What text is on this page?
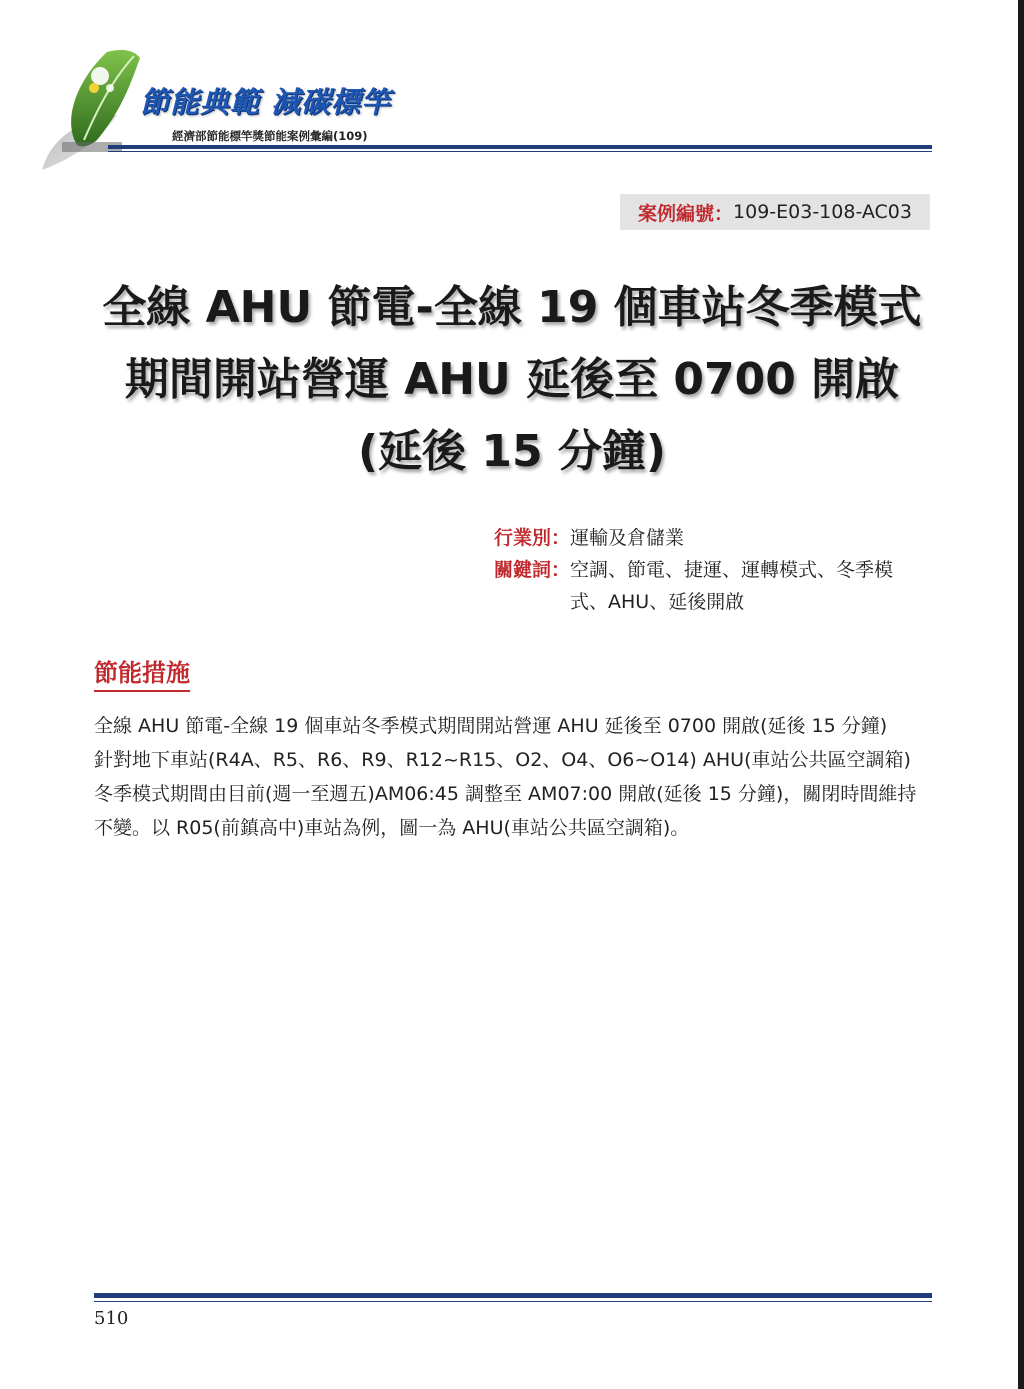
節能典範 減碳標竿
經濟部節能標竿獎節能案例彙編(109)
案例編號： 109-E03-108-AC03
全線 AHU 節電-全線 19 個車站冬季模式
期間開站營運 AHU 延後至 0700 開啟
(延後 15 分鐘)
行業別： 運輸及倉儲業
關鍵詞： 空調、節電、捷運、運轉模式、冬季模式、AHU、延後開啟
節能措施

全線 AHU 節電-全線 19 個車站冬季模式期間開站營運 AHU 延後至 0700 開啟(延後 15 分鐘)

針對地下車站(R4A、R5、R6、R9、R12~R15、O2、O4、O6~O14) AHU(車站公共區空調箱) 冬季模式期間由目前(週一至週五)AM06:45 調整至 AM07:00 開啟(延後 15 分鐘)，關閉時間維持不變。以 R05(前鎮高中)車站為例，圖一為 AHU(車站公共區空調箱)。

510
